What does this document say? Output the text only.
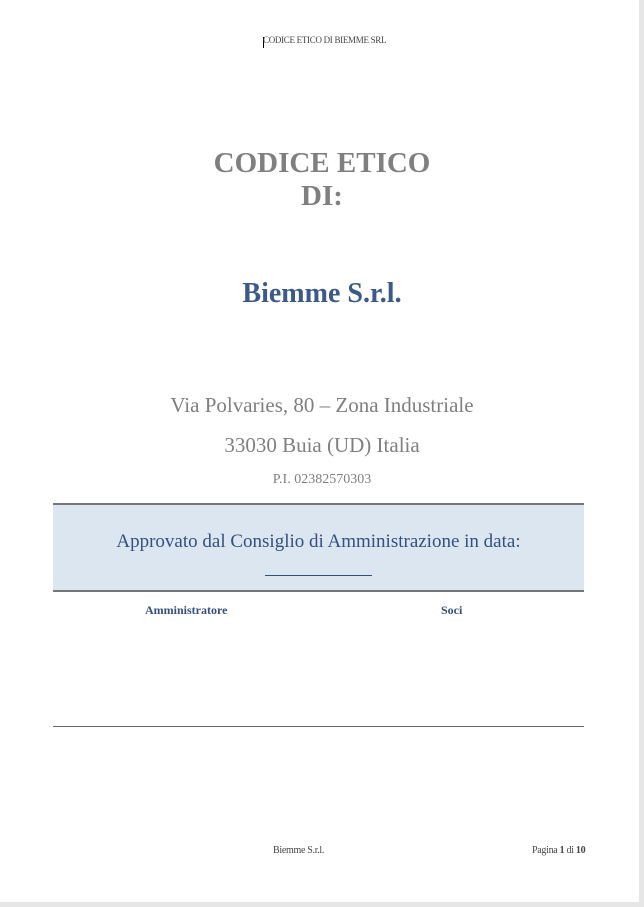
CODICE ETICO DI BIEMME SRL
CODICE ETICO
DI:
Biemme S.r.l.
Via Polvaries, 80 – Zona Industriale
33030 Buia (UD) Italia
P.I. 02382570303
Approvato dal Consiglio di Amministrazione in data:
Amministratore	Soci
Biemme S.r.l.	Pagina 1 di 10
